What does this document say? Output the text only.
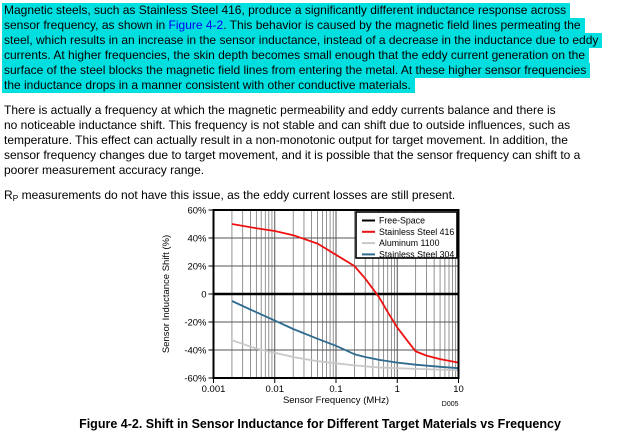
Magnetic steels, such as Stainless Steel 416, produce a significantly different inductance response across
sensor frequency, as shown in Figure 4-2. This behavior is caused by the magnetic field lines permeating the
steel, which results in an increase in the sensor inductance, instead of a decrease in the inductance due to eddy
currents. At higher frequencies, the skin depth becomes small enough that the eddy current generation on the
surface of the steel blocks the magnetic field lines from entering the metal. At these higher sensor frequencies
the inductance drops in a manner consistent with other conductive materials.
There is actually a frequency at which the magnetic permeability and eddy currents balance and there is
no noticeable inductance shift. This frequency is not stable and can shift due to outside influences, such as
temperature. This effect can actually result in a non-monotonic output for target movement. In addition, the
sensor frequency changes due to target movement, and it is possible that the sensor frequency can shift to a
poorer measurement accuracy range.
RP measurements do not have this issue, as the eddy current losses are still present.
0.001	0.01	0.1	1	10
60%
40%
20%
0
-20%
-40%
-60%
Sensor Frequency (MHz)
Sensor Inductance Shift (%)
D005
Free-Space
Stainless Steel 416
Aluminum 1100
Stainless Steel 304
Figure 4-2. Shift in Sensor Inductance for Different Target Materials vs Frequency
